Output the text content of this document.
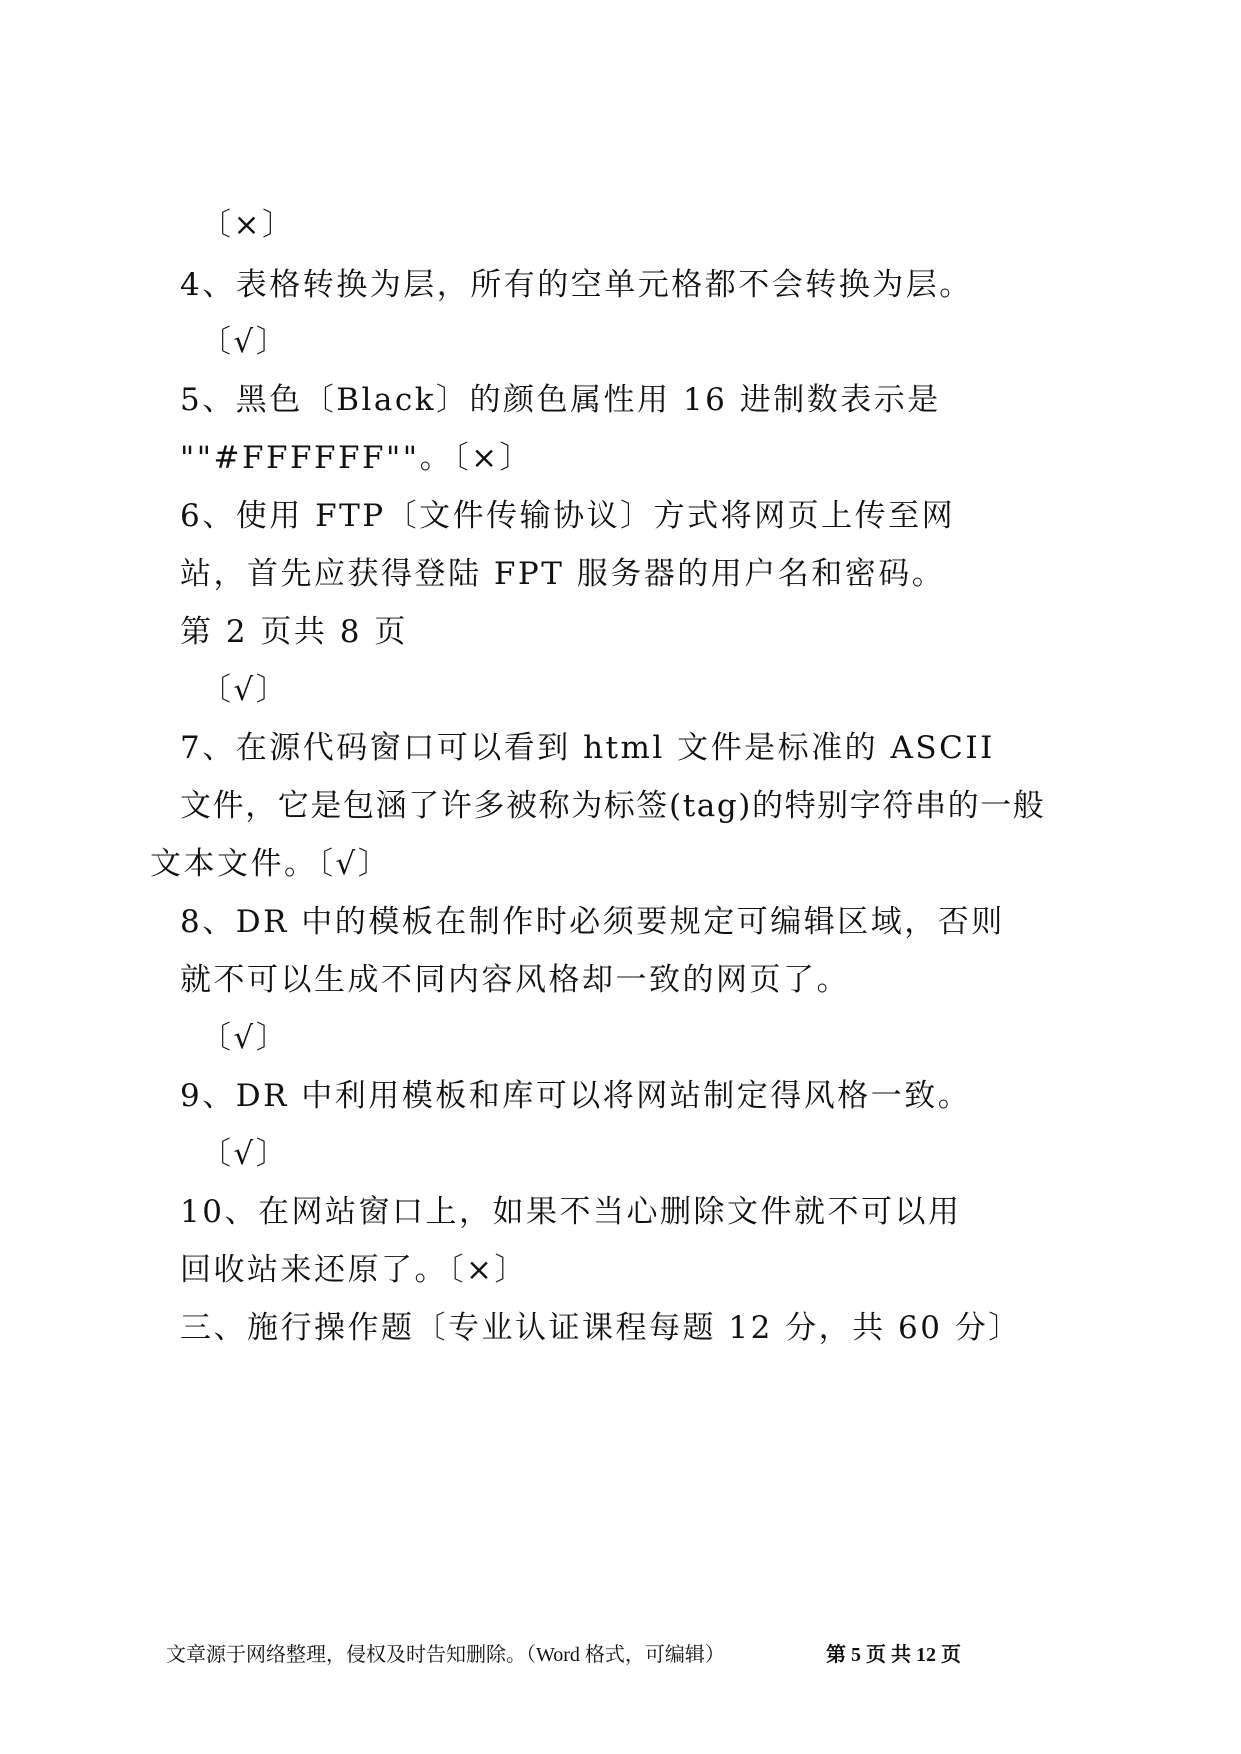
〔×〕
4、表格转换为层，所有的空单元格都不会转换为层。
〔√〕
5、黑色〔Black〕的颜色属性用 16 进制数表示是
""#FFFFFF""。〔×〕
6、使用 FTP〔文件传输协议〕方式将网页上传至网
站，首先应获得登陆 FPT 服务器的用户名和密码。
第 2 页共 8 页
〔√〕
7、在源代码窗口可以看到 html 文件是标准的 ASCII
文件，它是包涵了许多被称为标签(tag)的特别字符串的一般
文本文件。〔√〕
8、DR 中的模板在制作时必须要规定可编辑区域，否则
就不可以生成不同内容风格却一致的网页了。
〔√〕
9、DR 中利用模板和库可以将网站制定得风格一致。
〔√〕
10、在网站窗口上，如果不当心删除文件就不可以用
回收站来还原了。〔×〕
三、施行操作题〔专业认证课程每题 12 分，共 60 分〕
文章源于网络整理，侵权及时告知删除。（Word 格式，可编辑）	第 5 页 共 12 页
